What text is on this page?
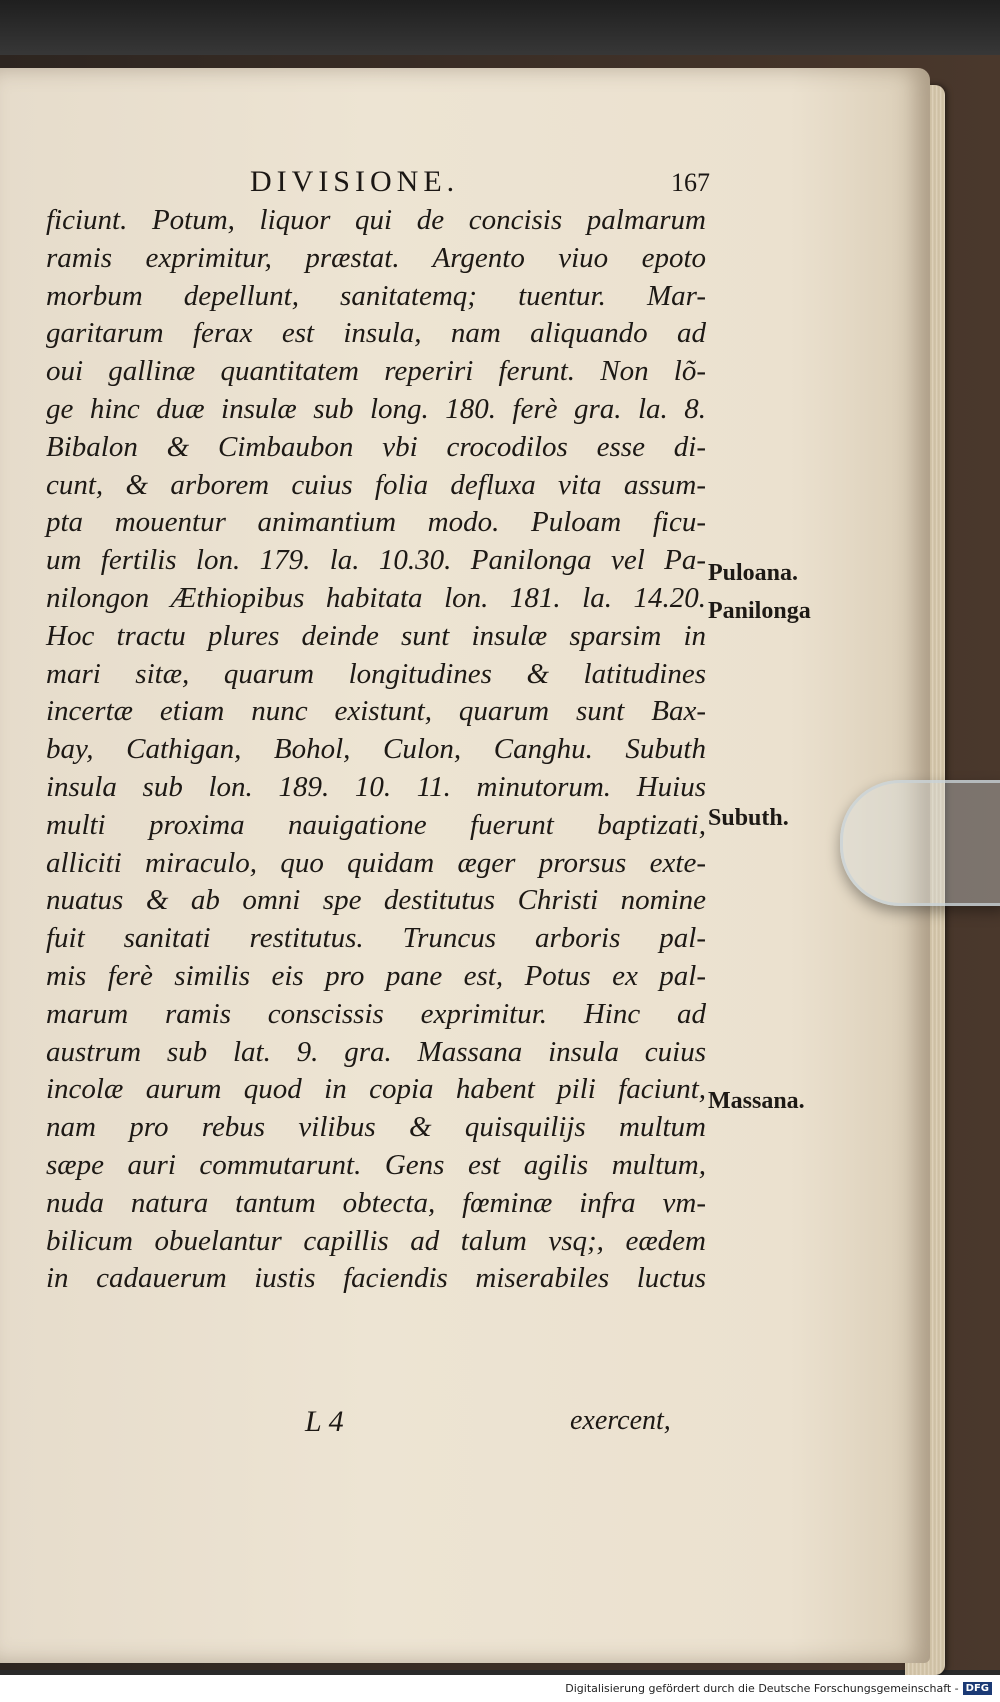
DIVISIONE.	167
ficiunt. Potum, liquor qui de concisis palmarum
ramis exprimitur, præstat. Argento viuo epoto
morbum depellunt, sanitatemq; tuentur. Mar-
garitarum ferax est insula, nam aliquando ad
oui gallinæ quantitatem reperiri ferunt. Non lõ-
ge hinc duæ insulæ sub long. 180. ferè gra. la. 8.
Bibalon & Cimbaubon vbi crocodilos esse di-
cunt, & arborem cuius folia defluxa vita assum-
pta mouentur animantium modo. Puloam ficu-
um fertilis lon. 179. la. 10.30. Panilonga vel Pa-
nilongon Æthiopibus habitata lon. 181. la. 14.20.
Hoc tractu plures deinde sunt insulæ sparsim in
mari sitæ, quarum longitudines & latitudines
incertæ etiam nunc existunt, quarum sunt Bax-
bay, Cathigan, Bohol, Culon, Canghu. Subuth
insula sub lon. 189. 10. 11. minutorum. Huius
multi proxima nauigatione fuerunt baptizati,
alliciti miraculo, quo quidam æger prorsus exte-
nuatus & ab omni spe destitutus Christi nomine
fuit sanitati restitutus. Truncus arboris pal-
mis ferè similis eis pro pane est, Potus ex pal-
marum ramis conscissis exprimitur. Hinc ad
austrum sub lat. 9. gra. Massana insula cuius
incolæ aurum quod in copia habent pili faciunt,
nam pro rebus vilibus & quisquilijs multum
sæpe auri commutarunt. Gens est agilis multum,
nuda natura tantum obtecta, fœminæ infra vm-
bilicum obuelantur capillis ad talum vsq;, eædem
in cadauerum iustis faciendis miserabiles luctus
Puloana.
Panilonga
Subuth.
Massana.
L 4	exercent,
Digitalisierung gefördert durch die Deutsche Forschungsgemeinschaft - DFG
